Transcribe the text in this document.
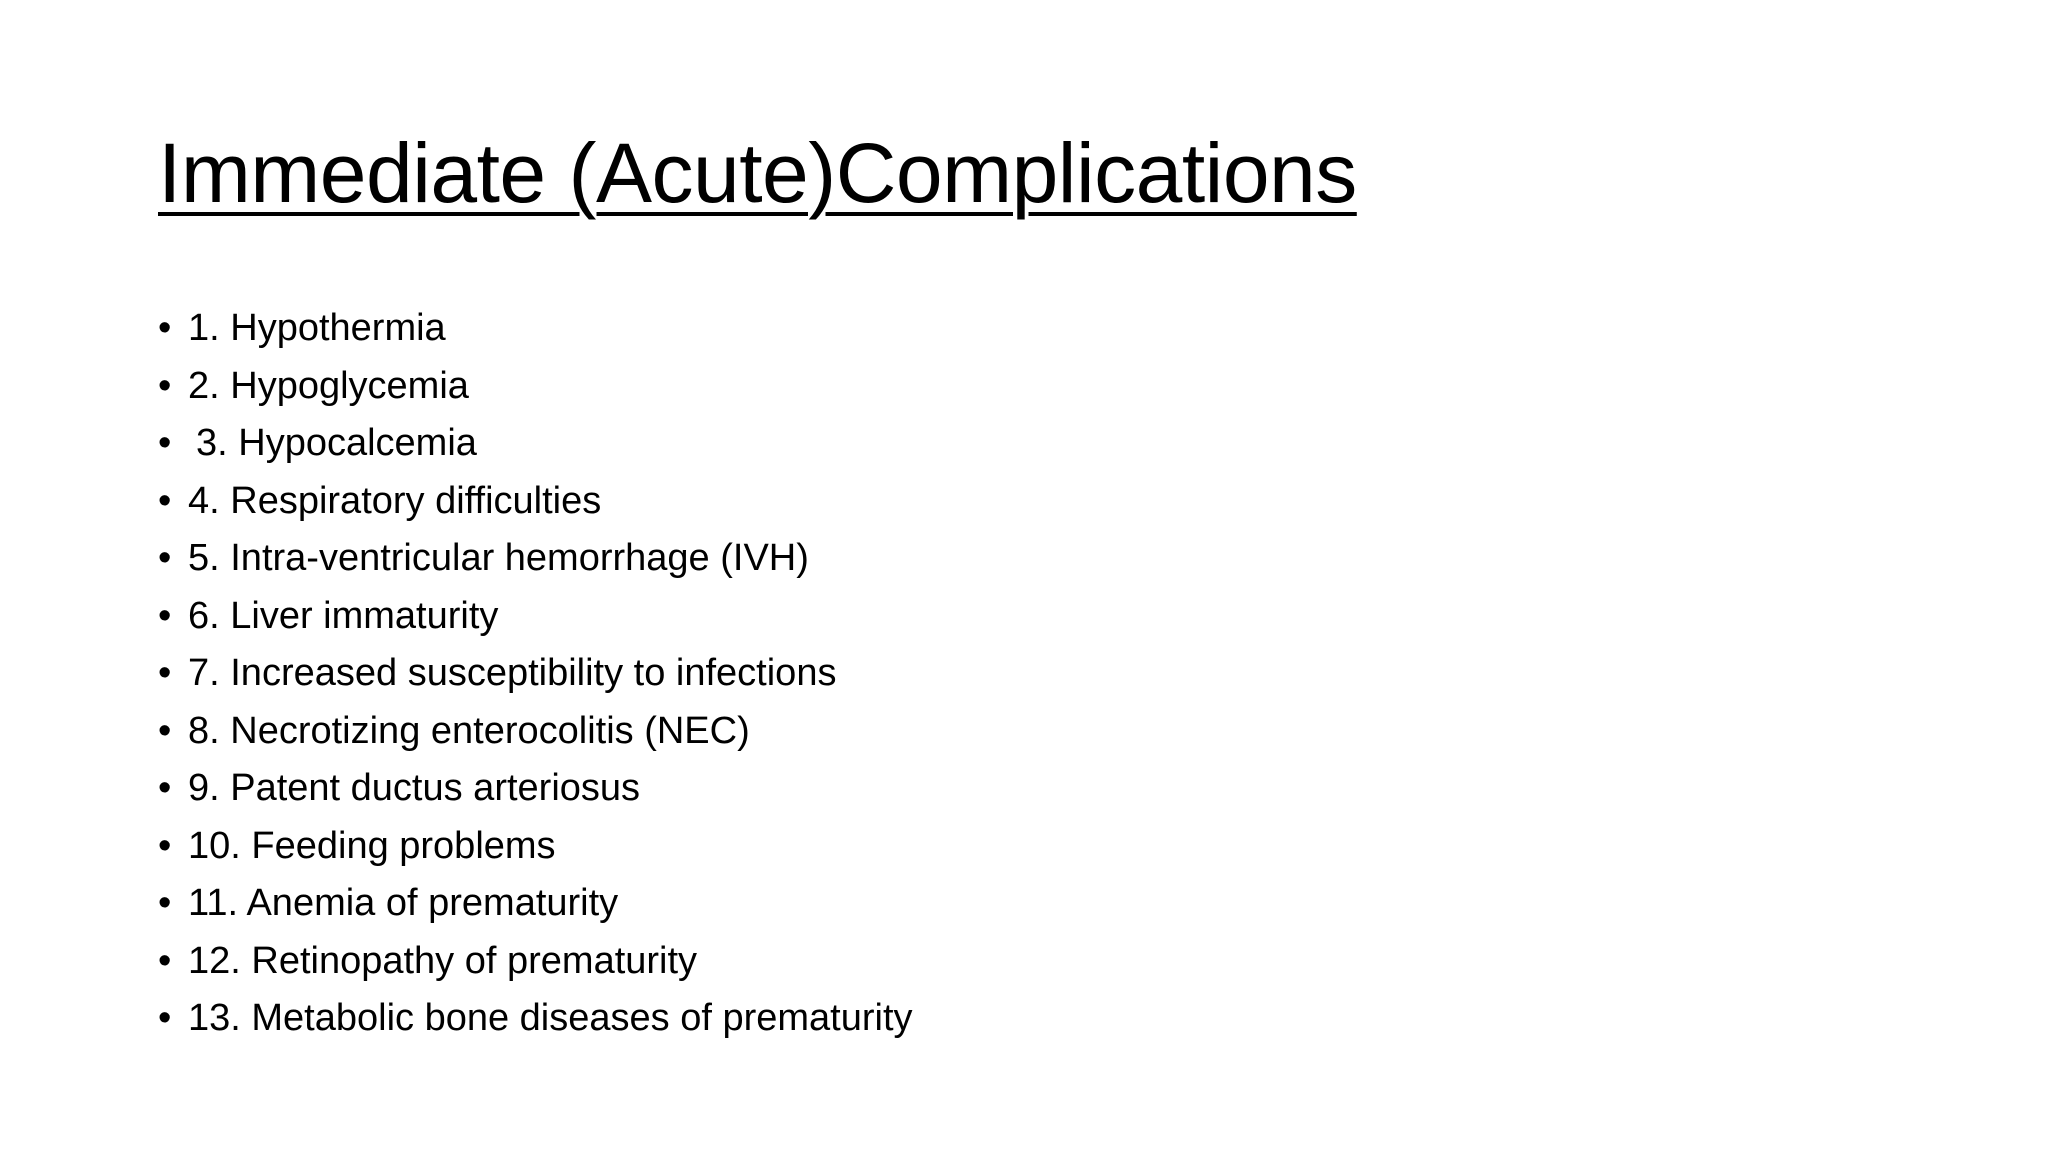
Immediate (Acute)Complications
• 1. Hypothermia
• 2. Hypoglycemia
• 3. Hypocalcemia
• 4. Respiratory difficulties
• 5. Intra-ventricular hemorrhage (IVH)
• 6. Liver immaturity
• 7. Increased susceptibility to infections
• 8. Necrotizing enterocolitis (NEC)
• 9. Patent ductus arteriosus
• 10. Feeding problems
• 11. Anemia of prematurity
• 12. Retinopathy of prematurity
• 13. Metabolic bone diseases of prematurity
